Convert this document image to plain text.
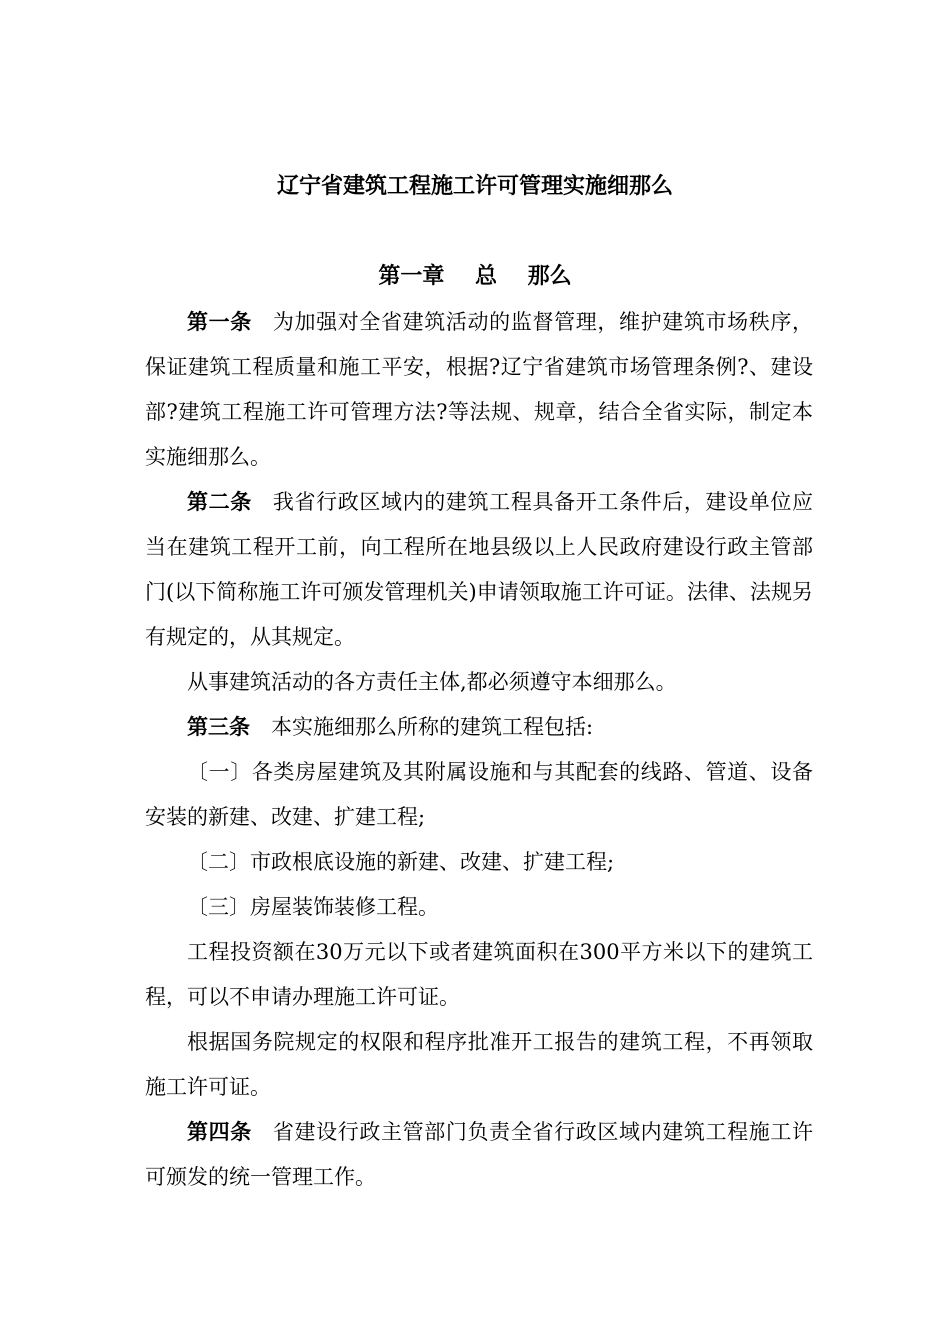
辽宁省建筑工程施工许可管理实施细那么
第一章    总    那么

第一条 为加强对全省建筑活动的监督管理，维护建筑市场秩序，保证建筑工程质量和施工平安，根据?辽宁省建筑市场管理条例?、建设部?建筑工程施工许可管理方法?等法规、规章，结合全省实际，制定本实施细那么。

第二条 我省行政区域内的建筑工程具备开工条件后，建设单位应当在建筑工程开工前，向工程所在地县级以上人民政府建设行政主管部门(以下简称施工许可颁发管理机关)申请领取施工许可证。法律、法规另有规定的，从其规定。

从事建筑活动的各方责任主体,都必须遵守本细那么。

第三条 本实施细那么所称的建筑工程包括:

〔一〕各类房屋建筑及其附属设施和与其配套的线路、管道、设备安装的新建、改建、扩建工程;

〔二〕市政根底设施的新建、改建、扩建工程;

〔三〕房屋装饰装修工程。

工程投资额在30万元以下或者建筑面积在300平方米以下的建筑工程，可以不申请办理施工许可证。

根据国务院规定的权限和程序批准开工报告的建筑工程，不再领取施工许可证。

第四条 省建设行政主管部门负责全省行政区域内建筑工程施工许可颁发的统一管理工作。
